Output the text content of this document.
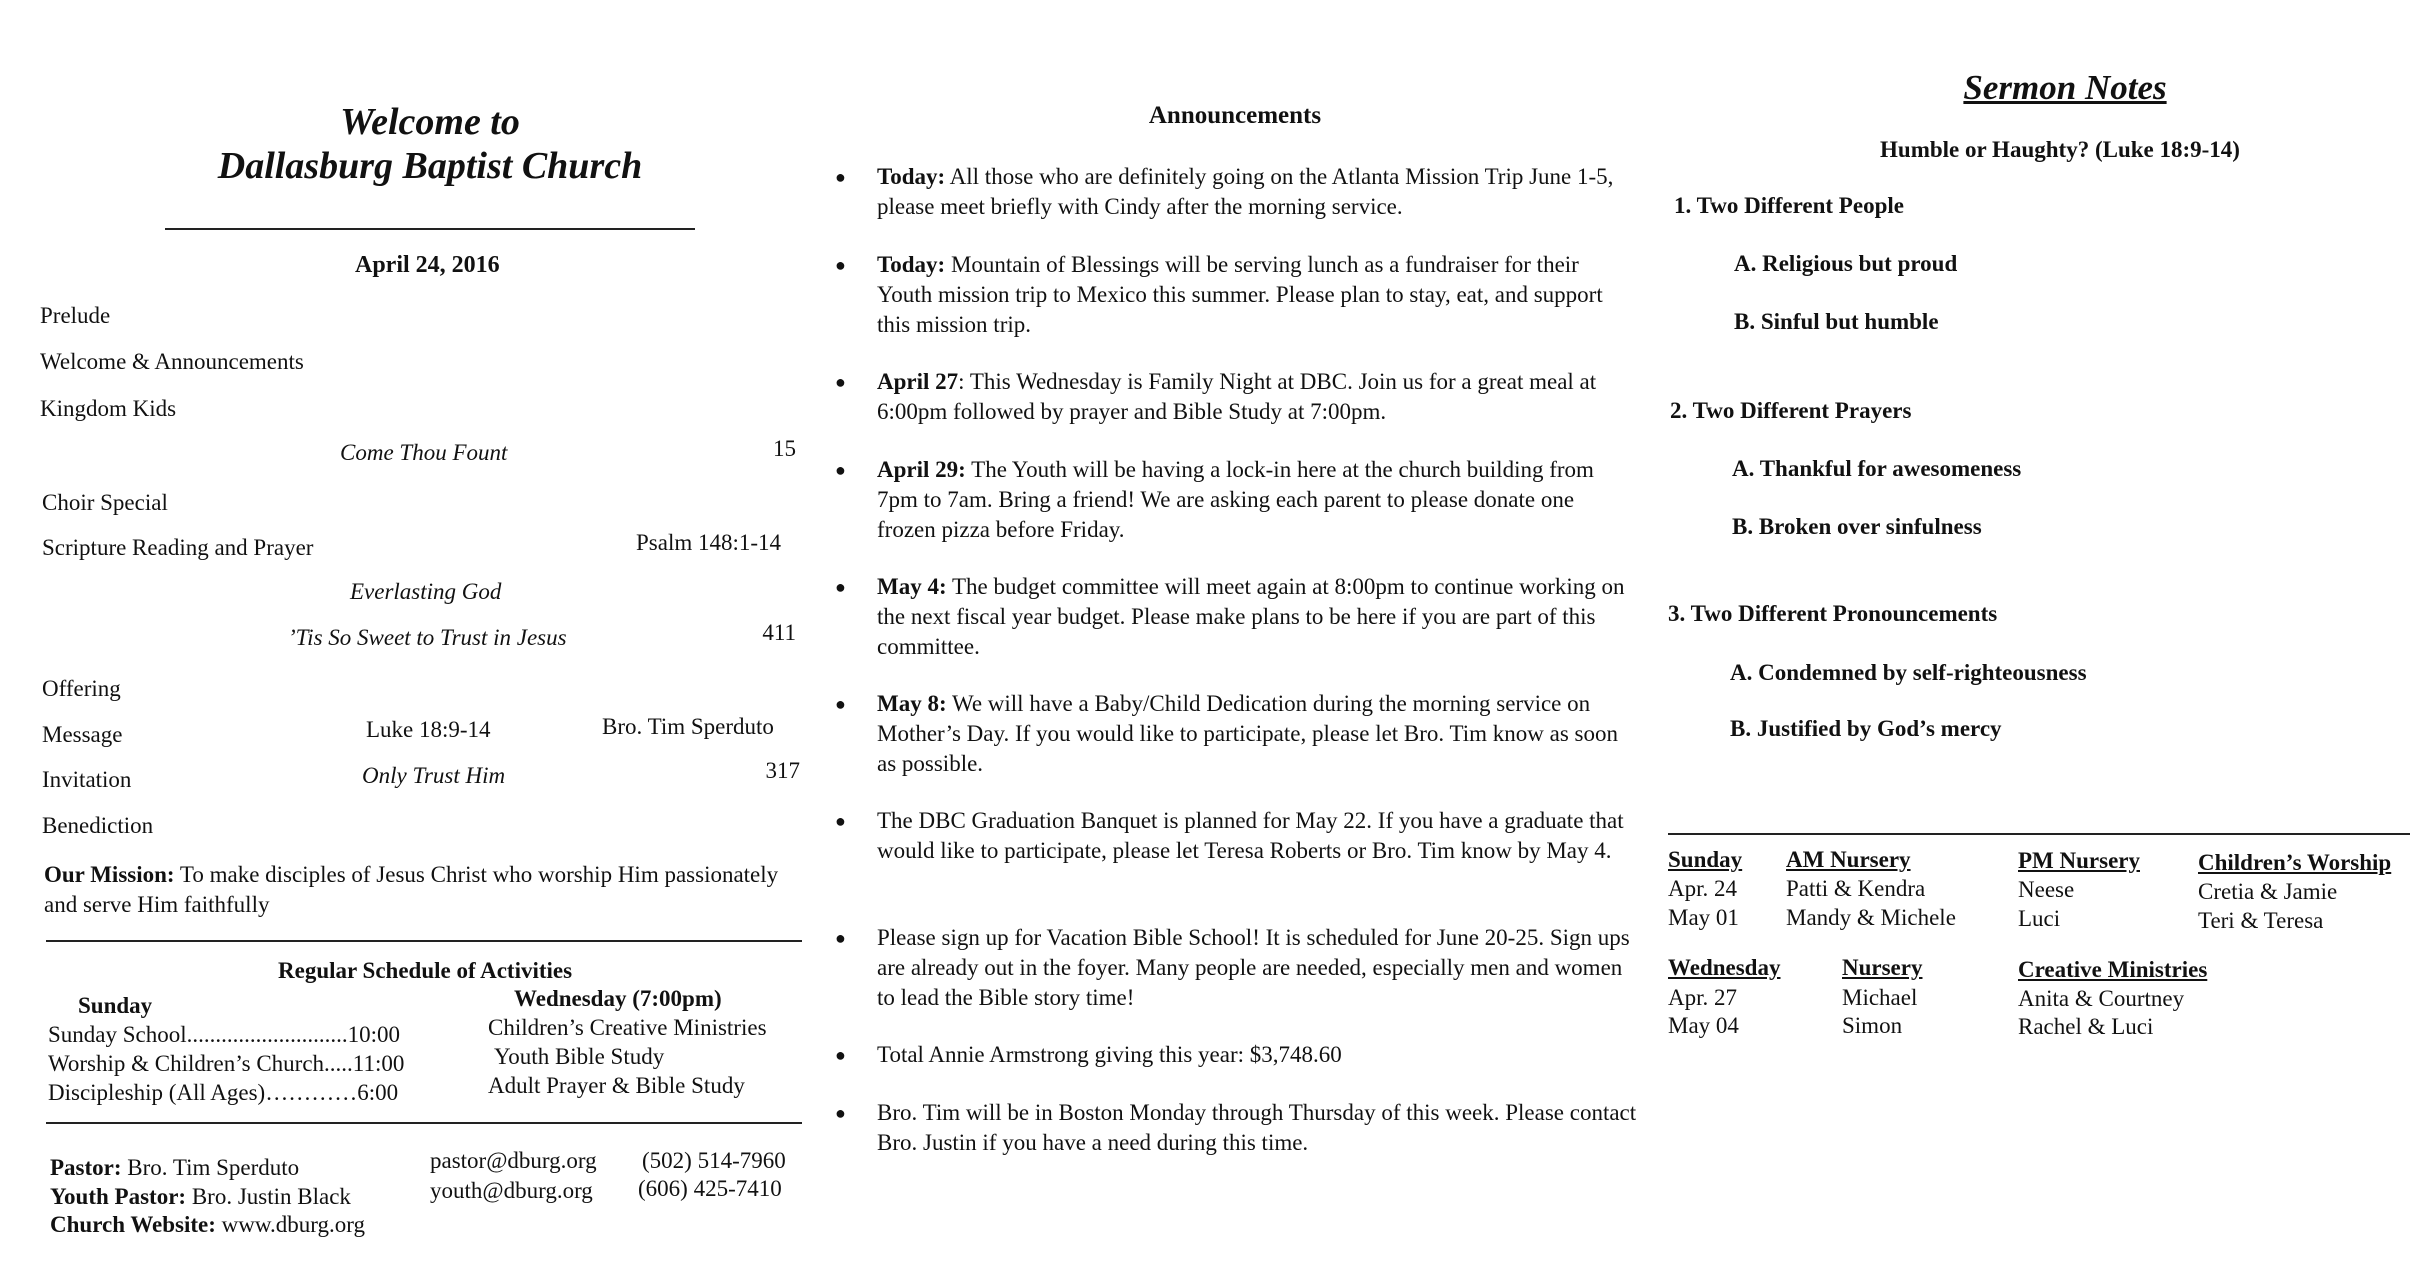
Welcome to
Dallasburg Baptist Church
April 24, 2016
Prelude
Welcome & Announcements
Kingdom Kids
Come Thou Fount	15
Choir Special
Scripture Reading and Prayer	Psalm 148:1-14
Everlasting God
’Tis So Sweet to Trust in Jesus	411
Offering
Message	Luke 18:9-14	Bro. Tim Sperduto
Invitation	Only Trust Him	317
Benediction
Our Mission: To make disciples of Jesus Christ who worship Him passionately and serve Him faithfully
Regular Schedule of Activities
Sunday	Wednesday (7:00pm)
Sunday School............................10:00
Worship & Children’s Church.....11:00
Discipleship (All Ages)…………6:00
Children’s Creative Ministries
Youth Bible Study
Adult Prayer & Bible Study
Pastor: Bro. Tim Sperduto	pastor@dburg.org (502) 514-7960
Youth Pastor: Bro. Justin Black	youth@dburg.org (606) 425-7410
Church Website: www.dburg.org
Announcements
● Today: All those who are definitely going on the Atlanta Mission Trip June 1-5, please meet briefly with Cindy after the morning service.
● Today: Mountain of Blessings will be serving lunch as a fundraiser for their Youth mission trip to Mexico this summer. Please plan to stay, eat, and support this mission trip.
● April 27: This Wednesday is Family Night at DBC. Join us for a great meal at 6:00pm followed by prayer and Bible Study at 7:00pm.
● April 29: The Youth will be having a lock-in here at the church building from 7pm to 7am. Bring a friend! We are asking each parent to please donate one frozen pizza before Friday.
● May 4: The budget committee will meet again at 8:00pm to continue working on the next fiscal year budget. Please make plans to be here if you are part of this committee.
● May 8: We will have a Baby/Child Dedication during the morning service on Mother’s Day. If you would like to participate, please let Bro. Tim know as soon as possible.
● The DBC Graduation Banquet is planned for May 22. If you have a graduate that would like to participate, please let Teresa Roberts or Bro. Tim know by May 4.
● Please sign up for Vacation Bible School! It is scheduled for June 20-25. Sign ups are already out in the foyer. Many people are needed, especially men and women to lead the Bible story time!
● Total Annie Armstrong giving this year: $3,748.60
● Bro. Tim will be in Boston Monday through Thursday of this week. Please contact Bro. Justin if you have a need during this time.
Sermon Notes
Humble or Haughty? (Luke 18:9-14)
1. Two Different People
A. Religious but proud
B. Sinful but humble
2. Two Different Prayers
A. Thankful for awesomeness
B. Broken over sinfulness
3. Two Different Pronouncements
A. Condemned by self-righteousness
B. Justified by God’s mercy
Sunday AM Nursery	PM Nursery	Children’s Worship
Apr. 24 Patti & Kendra	Neese	Cretia & Jamie
May 01 Mandy & Michele	Luci	Teri & Teresa
Wednesday	Nursery	Creative Ministries
Apr. 27	Michael	Anita & Courtney
May 04	Simon	Rachel & Luci
